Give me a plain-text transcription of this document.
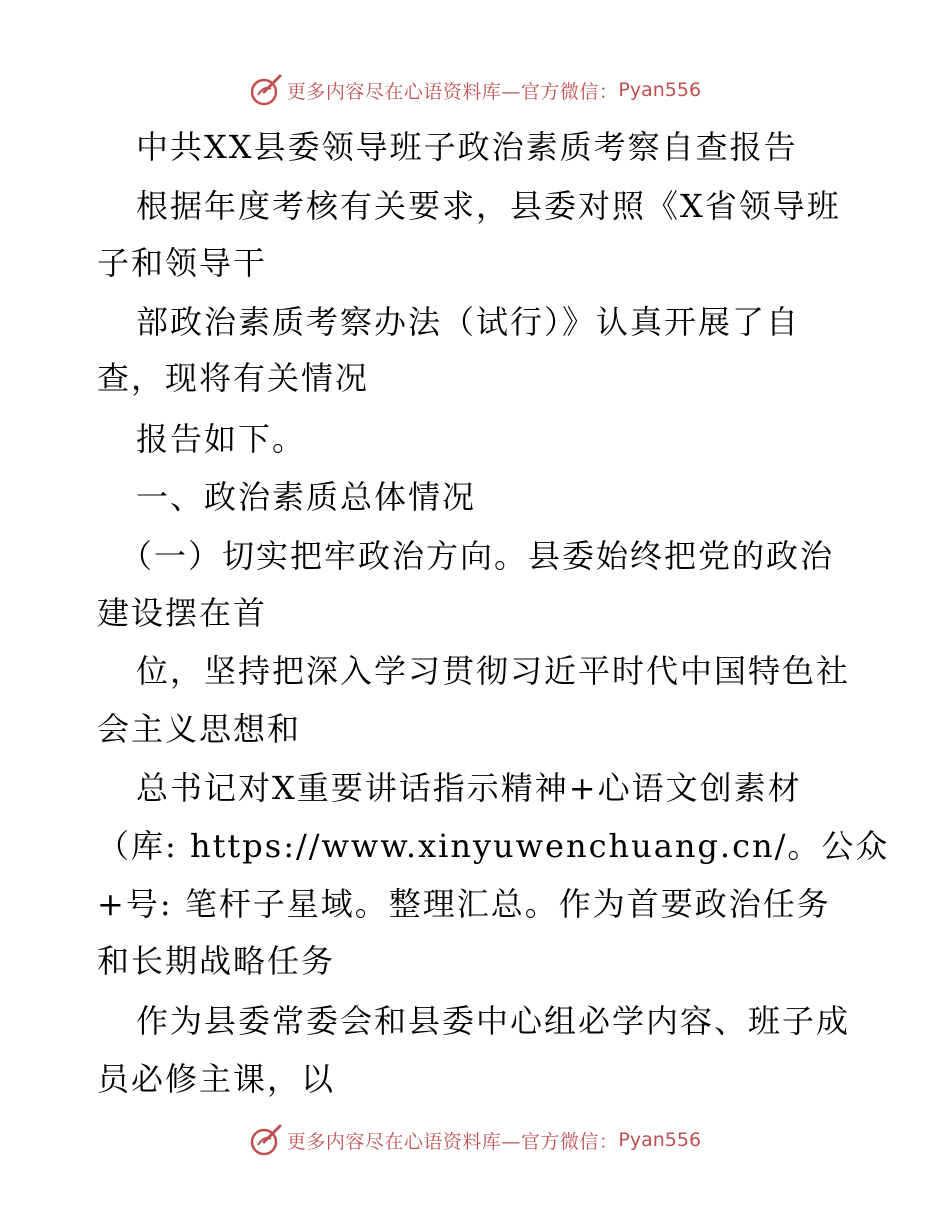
更多内容尽在心语资料库—官方微信： Pyan556
中共XX县委领导班子政治素质考察自查报告
根据年度考核有关要求，县委对照《X省领导班
子和领导干
部政治素质考察办法（试行）》认真开展了自
查，现将有关情况
报告如下。
一、政治素质总体情况
（一）切实把牢政治方向。县委始终把党的政治
建设摆在首
位，坚持把深入学习贯彻习近平时代中国特色社
会主义思想和
总书记对X重要讲话指示精神+心语文创素材
（库: https://www.xinyuwenchuang.cn/。公众
+号: 笔杆子星域。整理汇总。作为首要政治任务
和长期战略任务
作为县委常委会和县委中心组必学内容、班子成
员必修主课，以
更多内容尽在心语资料库—官方微信： Pyan556
